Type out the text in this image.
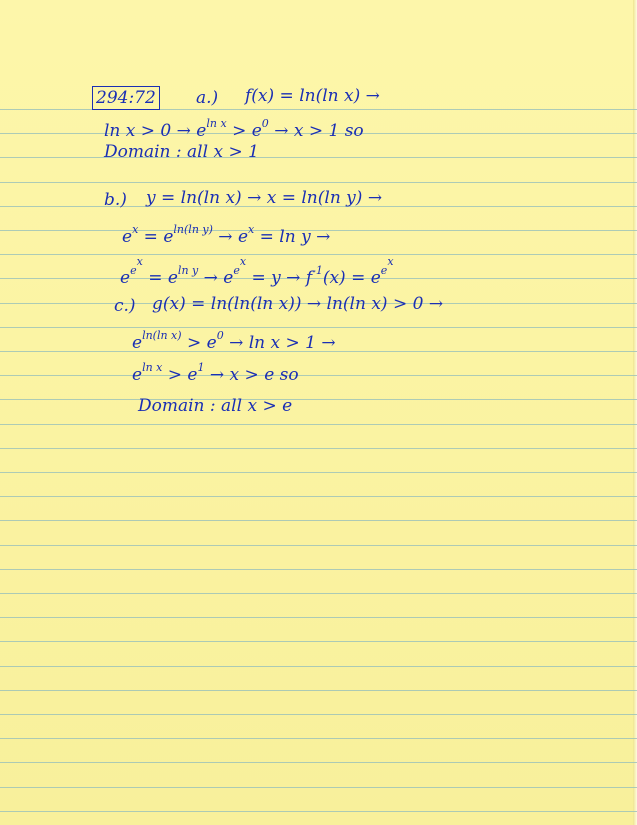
294:72 a.) f(x) = ln(ln x) →
$\ln x > 0 \to e^{ln x} > e^0 \to x > 1$ so
Domain : all x > 1
b.) y = ln(ln x) → x = ln(ln y) →
$e^x = e^{ln(ln y)} \to e^x = \ln y$ →
$e^{e^x} = e^{ln y} \to e^{e^x} = y \to f^{-1}(x) = e^{e^x}$
c.) g(x) = ln(ln(ln x)) → ln(ln x) > 0 →
$e^{ln(ln x)} > e^0 \to \ln x > 1$ →
$e^{ln x} > e^1 \to x > e$ so
Domain : all x > e
